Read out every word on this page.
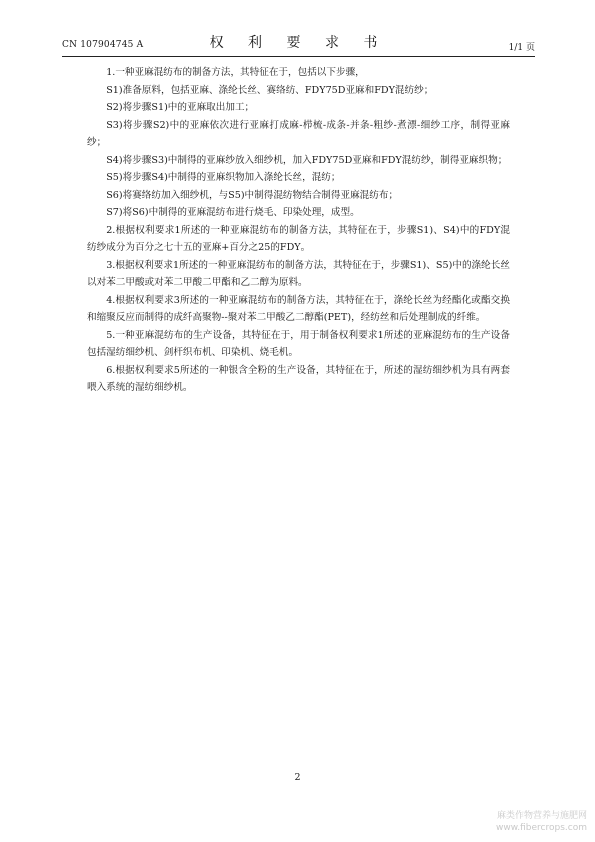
CN 107904745 A	权 利 要 求 书	1/1 页

1.一种亚麻混纺布的制备方法，其特征在于，包括以下步骤，

S1)准备原料，包括亚麻、涤纶长丝、赛络纺、FDY75D亚麻和FDY混纺纱；

S2)将步骤S1)中的亚麻取出加工；

S3)将步骤S2)中的亚麻依次进行亚麻打成麻-栉梳-成条-并条-粗纱-煮漂-细纱工序，制得亚麻纱；

S4)将步骤S3)中制得的亚麻纱放入细纱机，加入FDY75D亚麻和FDY混纺纱，制得亚麻织物；

S5)将步骤S4)中制得的亚麻织物加入涤纶长丝，混纺；

S6)将赛络纺加入细纱机，与S5)中制得混纺物结合制得亚麻混纺布；

S7)将S6)中制得的亚麻混纺布进行烧毛、印染处理，成型。

2.根据权利要求1所述的一种亚麻混纺布的制备方法，其特征在于，步骤S1)、S4)中的FDY混纺纱成分为百分之七十五的亚麻+百分之25的FDY。

3.根据权利要求1所述的一种亚麻混纺布的制备方法，其特征在于，步骤S1)、S5)中的涤纶长丝以对苯二甲酸或对苯二甲酸二甲酯和乙二醇为原料。

4.根据权利要求3所述的一种亚麻混纺布的制备方法，其特征在于，涤纶长丝为经酯化或酯交换和缩聚反应而制得的成纤高聚物--聚对苯二甲酸乙二醇酯(PET)，经纺丝和后处理制成的纤维。

5.一种亚麻混纺布的生产设备，其特征在于，用于制备权利要求1所述的亚麻混纺布的生产设备包括湿纺细纱机、剑杆织布机、印染机、烧毛机。

6.根据权利要求5所述的一种银含全粉的生产设备，其特征在于，所述的湿纺细纱机为具有两套喂入系统的湿纺细纱机。

2
麻类作物营养与施肥网
www.fibercrops.com
